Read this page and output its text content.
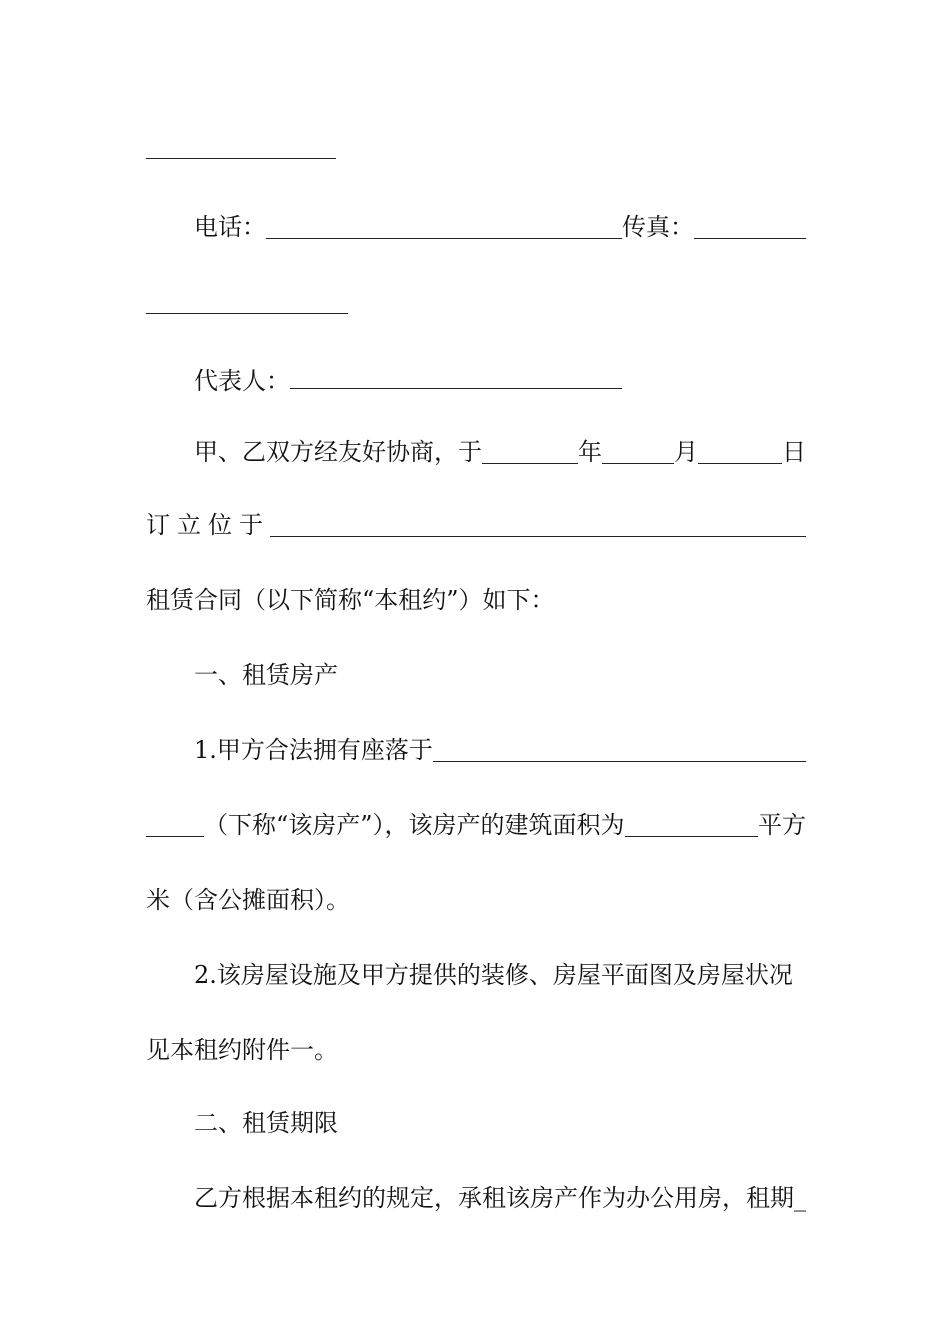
电话：	传真：
代表人：
甲、乙双方经友好协商，于	年	月	日
订立位于
租赁合同（以下简称“本租约”）如下：
一、租赁房产
1.甲方合法拥有座落于
（下称“该房产”），该房产的建筑面积为	平方
米（含公摊面积）。
2.该房屋设施及甲方提供的装修、房屋平面图及房屋状况
见本租约附件一。
二、租赁期限
乙方根据本租约的规定，承租该房产作为办公用房，租期_
